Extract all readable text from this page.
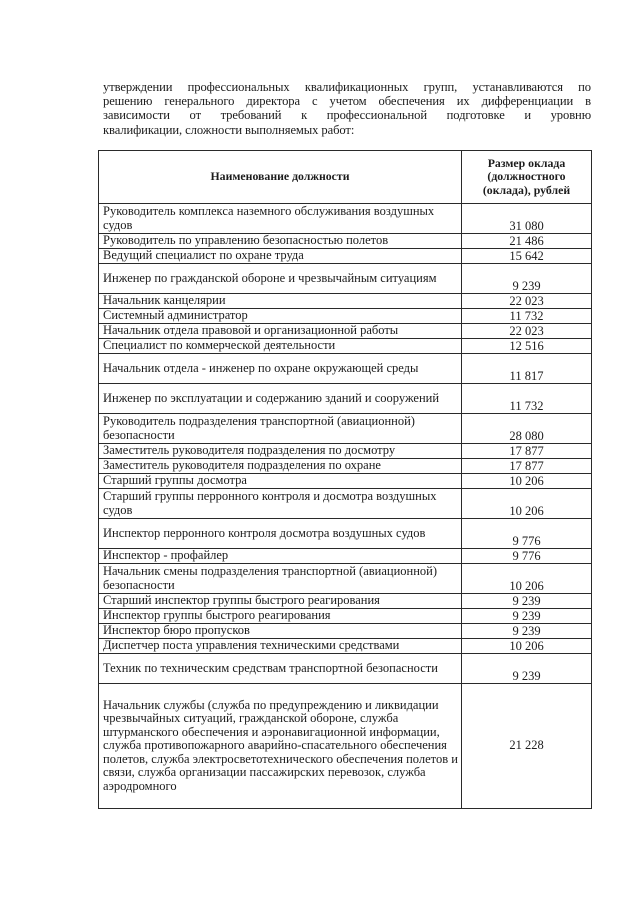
утверждении профессиональных квалификационных групп, устанавливаются по
решению генерального директора с учетом обеспечения их дифференциации в
зависимости от требований к профессиональной подготовке и уровню
квалификации, сложности выполняемых работ:
Наименование должности	Размер оклада (должностного (оклада), рублей
Руководитель комплекса наземного обслуживания воздушных судов	31 080
Руководитель по управлению безопасностью полетов	21 486
Ведущий специалист по охране труда	15 642
Инженер по гражданской обороне и чрезвычайным ситуациям	9 239
Начальник канцелярии	22 023
Системный администратор	11 732
Начальник отдела правовой и организационной работы	22 023
Специалист по коммерческой деятельности	12 516
Начальник отдела - инженер по охране окружающей среды	11 817
Инженер по эксплуатации и содержанию зданий и сооружений	11 732
Руководитель подразделения транспортной (авиационной) безопасности	28 080
Заместитель руководителя подразделения по досмотру	17 877
Заместитель руководителя подразделения по охране	17 877
Старший группы досмотра	10 206
Старший группы перронного контроля и досмотра воздушных судов	10 206
Инспектор перронного контроля досмотра воздушных судов	9 776
Инспектор - профайлер	9 776
Начальник смены подразделения транспортной (авиационной) безопасности	10 206
Старший инспектор группы быстрого реагирования	9 239
Инспектор группы быстрого реагирования	9 239
Инспектор бюро пропусков	9 239
Диспетчер поста управления техническими средствами	10 206
Техник по техническим средствам транспортной безопасности	9 239
Начальник службы (служба по предупреждению и ликвидации чрезвычайных ситуаций, гражданской обороне, служба штурманского обеспечения и аэронавигационной информации, служба противопожарного аварийно-спасательного обеспечения полетов, служба электросветотехнического обеспечения полетов и связи, служба организации пассажирских перевозок, служба аэродромного	21 228
